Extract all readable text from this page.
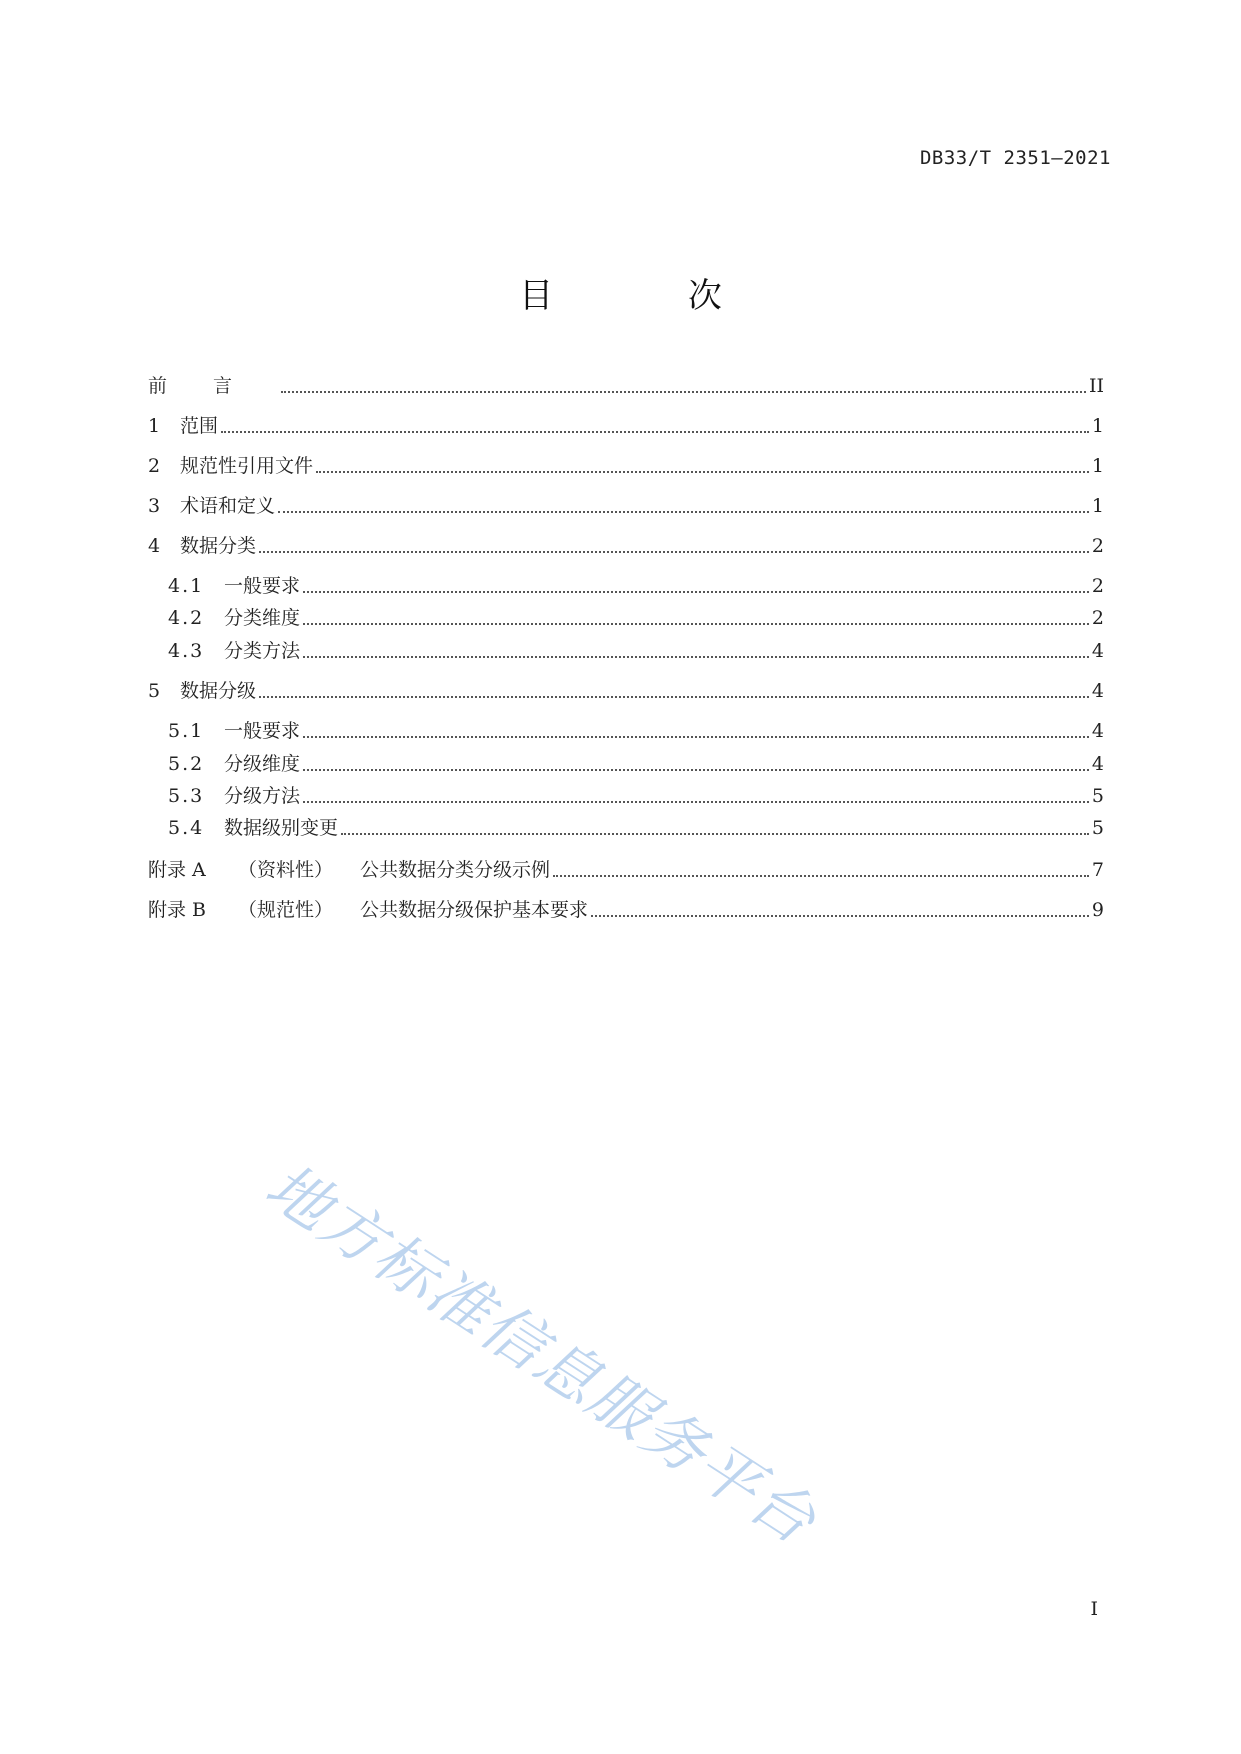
DB33/T 2351—2021
目 次
前言	II
1	范围	1
2	规范性引用文件	1
3	术语和定义	1
4	数据分类	2
4.1	一般要求	2
4.2	分类维度	2
4.3	分类方法	4
5	数据分级	4
5.1	一般要求	4
5.2	分级维度	4
5.3	分级方法	5
5.4	数据级别变更	5
附录 A	（资料性）	公共数据分类分级示例	7
附录 B	（规范性）	公共数据分级保护基本要求	9
地方标准信息服务平台
I
